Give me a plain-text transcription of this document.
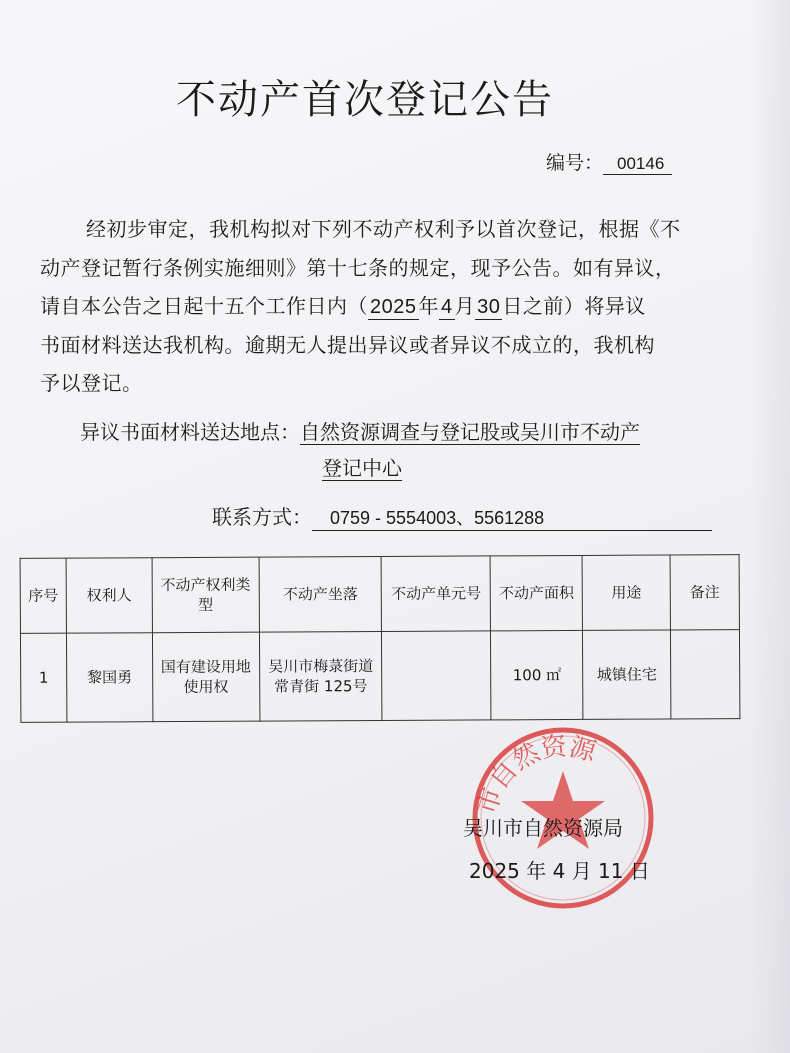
不动产首次登记公告
编号： 00146
经初步审定，我机构拟对下列不动产权利予以首次登记，根据《不
动产登记暂行条例实施细则》第十七条的规定，现予公告。如有异议，
请自本公告之日起十五个工作日内（ 2025 年 4 月 30 日之前）将异议
书面材料送达我机构。逾期无人提出异议或者异议不成立的，我机构
予以登记。
异议书面材料送达地点：自然资源调查与登记股或吴川市不动产
登记中心
联系方式： 0759 - 5554003、5561288
序号	权利人	不动产权利类型	不动产坐落	不动产单元号	不动产面积	用途	备注
1	黎国勇	国有建设用地使用权	吴川市梅菉街道常青街 125号		100 ㎡	城镇住宅	
市自然资源
吴川市自然资源局
2025 年 4 月 11 日
